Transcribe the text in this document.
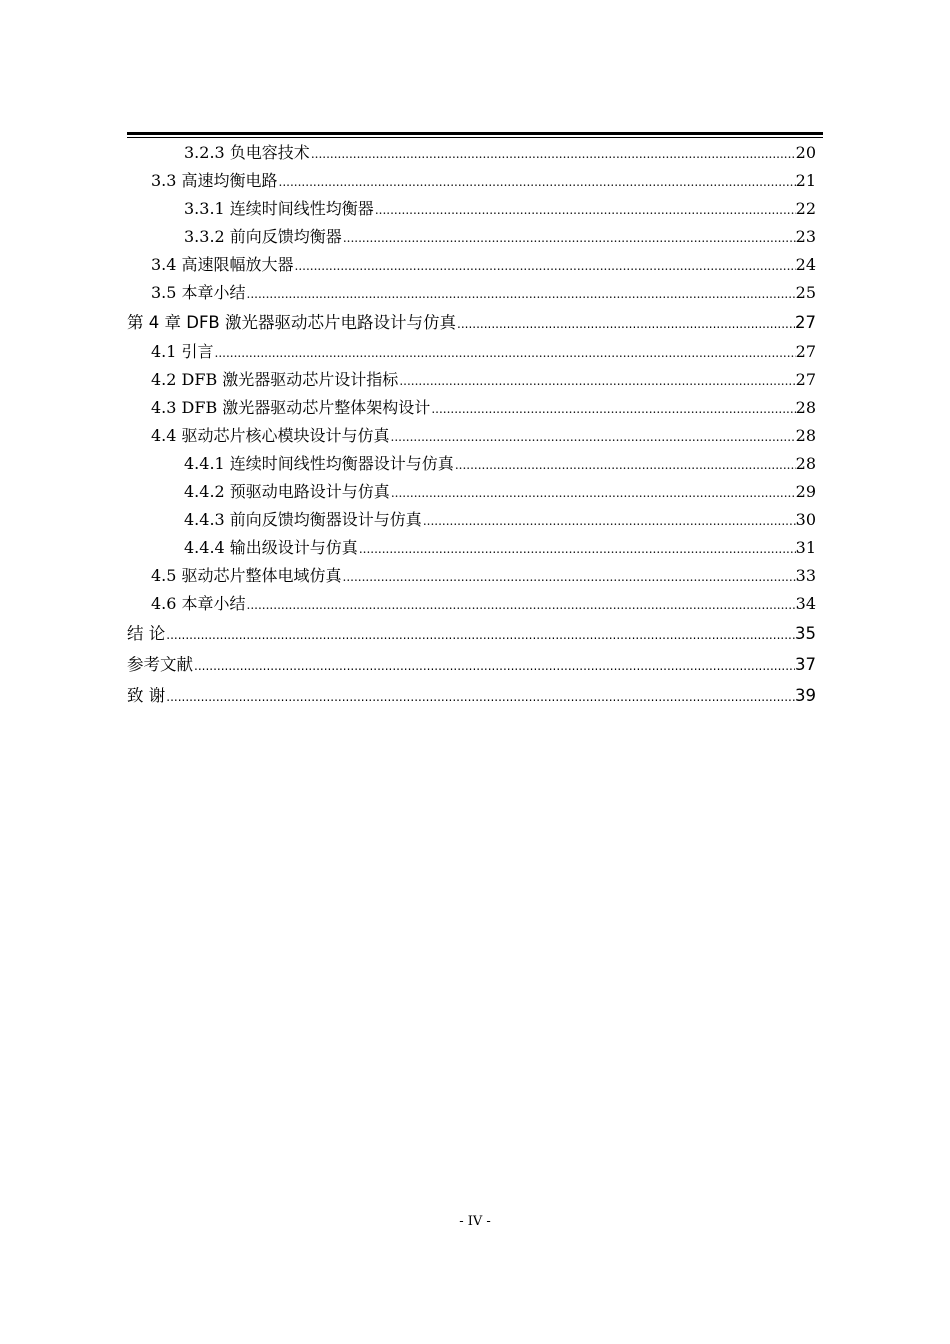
3.2.3 负电容技术 .....	20
3.3 高速均衡电路 .....	21
3.3.1 连续时间线性均衡器 .....	22
3.3.2 前向反馈均衡器 .....	23
3.4 高速限幅放大器 .....	24
3.5 本章小结 .....	25
第 4 章 DFB 激光器驱动芯片电路设计与仿真 .....	27
4.1 引言 .....	27
4.2 DFB 激光器驱动芯片设计指标 .....	27
4.3 DFB 激光器驱动芯片整体架构设计 .....	28
4.4 驱动芯片核心模块设计与仿真 .....	28
4.4.1 连续时间线性均衡器设计与仿真 .....	28
4.4.2 预驱动电路设计与仿真 .....	29
4.4.3 前向反馈均衡器设计与仿真 .....	30
4.4.4 输出级设计与仿真 .....	31
4.5 驱动芯片整体电域仿真 .....	33
4.6 本章小结 .....	34
结 论 .....	35
参考文献 .....	37
致 谢 .....	39
- IV -
